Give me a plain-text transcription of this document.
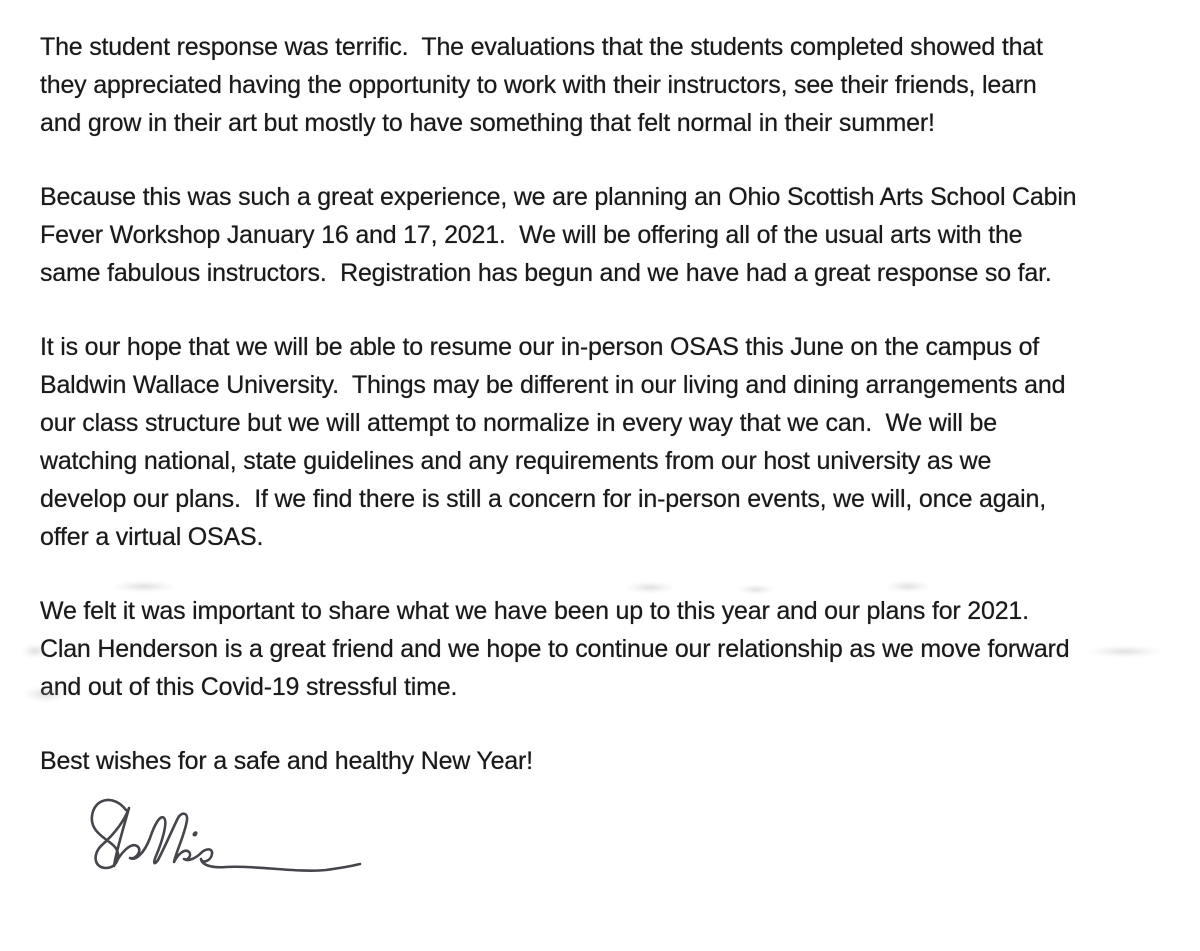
The student response was terrific.  The evaluations that the students completed showed that
they appreciated having the opportunity to work with their instructors, see their friends, learn
and grow in their art but mostly to have something that felt normal in their summer!
Because this was such a great experience, we are planning an Ohio Scottish Arts School Cabin
Fever Workshop January 16 and 17, 2021.  We will be offering all of the usual arts with the
same fabulous instructors.  Registration has begun and we have had a great response so far.
It is our hope that we will be able to resume our in-person OSAS this June on the campus of
Baldwin Wallace University.  Things may be different in our living and dining arrangements and
our class structure but we will attempt to normalize in every way that we can.  We will be
watching national, state guidelines and any requirements from our host university as we
develop our plans.  If we find there is still a concern for in-person events, we will, once again,
offer a virtual OSAS.
We felt it was important to share what we have been up to this year and our plans for 2021.
Clan Henderson is a great friend and we hope to continue our relationship as we move forward
and out of this Covid-19 stressful time.
Best wishes for a safe and healthy New Year!
